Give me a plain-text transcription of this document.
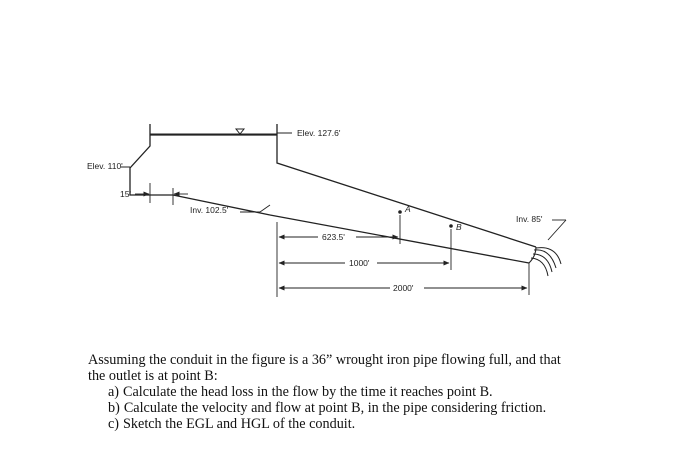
Elev. 127.6'
Elev. 110'
15'
Inv. 102.5'	A
B
Inv. 85'
623.5'
1000'
2000'

Assuming the conduit in the figure is a 36” wrought iron pipe flowing full, and that

the outlet is at point B:

a) Calculate the head loss in the flow by the time it reaches point B.
b) Calculate the velocity and flow at point B, in the pipe considering friction.
c) Sketch the EGL and HGL of the conduit.
